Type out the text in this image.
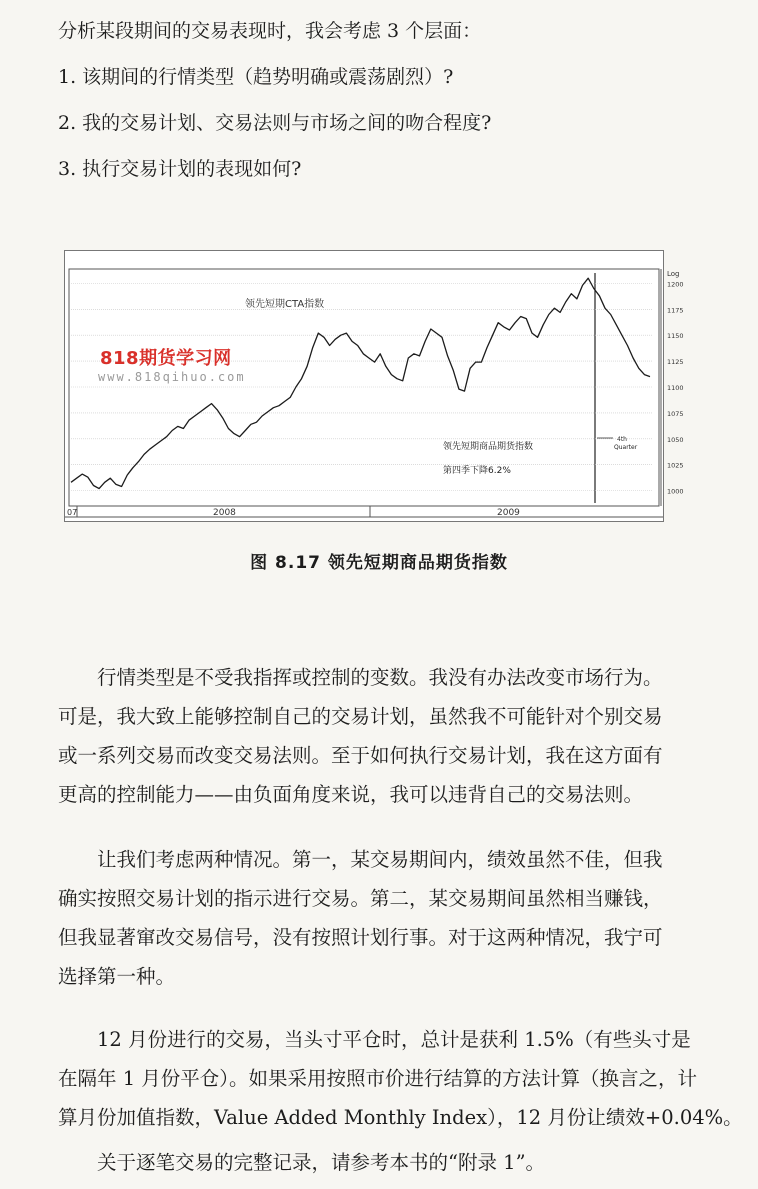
分析某段期间的交易表现时，我会考虑 3 个层面：
1. 该期间的行情类型（趋势明确或震荡剧烈）?
2. 我的交易计划、交易法则与市场之间的吻合程度?
3. 执行交易计划的表现如何?
Log
领先短期CTA指数
领先短期商品期货指数
第四季下降6.2%
4th
Quarter
07	2008	2009
1000
1025
1050
1075
1100
1125
1150
1175
1200
818期货学习网
www.818qihuo.com
图 8.17 领先短期商品期货指数
　　行情类型是不受我指挥或控制的变数。我没有办法改变市场行为。
可是，我大致上能够控制自己的交易计划，虽然我不可能针对个别交易
或一系列交易而改变交易法则。至于如何执行交易计划，我在这方面有
更高的控制能力——由负面角度来说，我可以违背自己的交易法则。
　　让我们考虑两种情况。第一，某交易期间内，绩效虽然不佳，但我
确实按照交易计划的指示进行交易。第二，某交易期间虽然相当赚钱，
但我显著窜改交易信号，没有按照计划行事。对于这两种情况，我宁可
选择第一种。
　　12 月份进行的交易，当头寸平仓时，总计是获利 1.5%（有些头寸是
在隔年 1 月份平仓）。如果采用按照市价进行结算的方法计算（换言之，计
算月份加值指数，Value Added Monthly Index），12 月份让绩效+0.04%。
　　关于逐笔交易的完整记录，请参考本书的“附录 1”。
